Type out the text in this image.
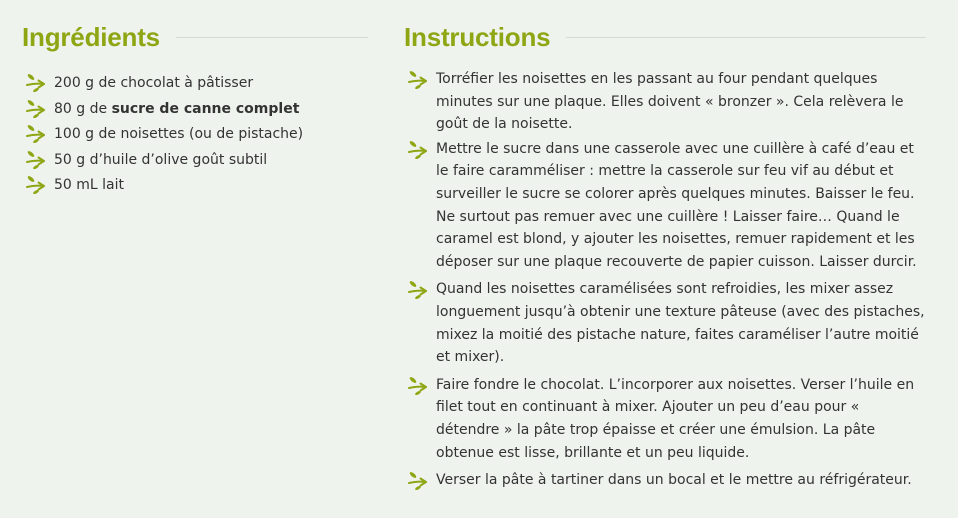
Ingrédients
200 g de chocolat à pâtisser
80 g de sucre de canne complet
100 g de noisettes (ou de pistache)
50 g d’huile d’olive goût subtil
50 mL lait
Instructions
Torréfier les noisettes en les passant au four pendant quelques minutes sur une plaque. Elles doivent « bronzer ». Cela relèvera le goût de la noisette.
Mettre le sucre dans une casserole avec une cuillère à café d’eau et le faire caramméliser : mettre la casserole sur feu vif au début et surveiller le sucre se colorer après quelques minutes. Baisser le feu. Ne surtout pas remuer avec une cuillère ! Laisser faire… Quand le caramel est blond, y ajouter les noisettes, remuer rapidement et les déposer sur une plaque recouverte de papier cuisson. Laisser durcir.
Quand les noisettes caramélisées sont refroidies, les mixer assez longuement jusqu’à obtenir une texture pâteuse (avec des pistaches, mixez la moitié des pistache nature, faites caraméliser l’autre moitié et mixer).
Faire fondre le chocolat. L’incorporer aux noisettes. Verser l’huile en filet tout en continuant à mixer. Ajouter un peu d’eau pour « détendre » la pâte trop épaisse et créer une émulsion. La pâte obtenue est lisse, brillante et un peu liquide.
Verser la pâte à tartiner dans un bocal et le mettre au réfrigérateur.
